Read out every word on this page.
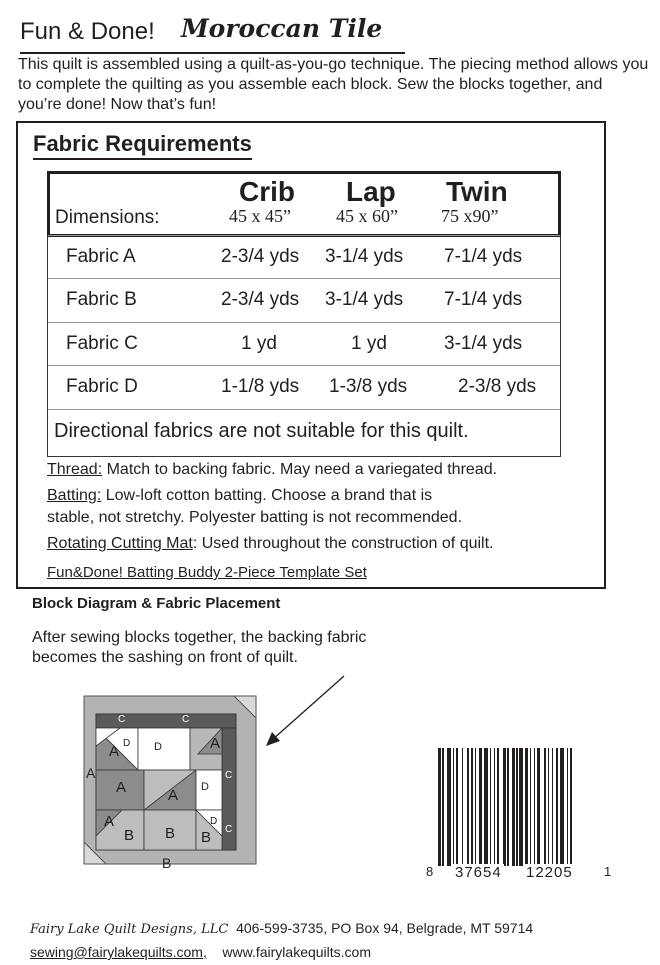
Fun & Done! Moroccan Tile
This quilt is assembled using a quilt-as-you-go technique. The piecing method allows you to complete the quilting as you assemble each block. Sew the blocks together, and you’re done! Now that’s fun!
Fabric Requirements
Crib Lap Twin
Dimensions:	45 x 45”	45 x 60” 75 x90”
Fabric A	2-3/4 yds 3-1/4 yds 7-1/4 yds
Fabric B	2-3/4 yds 3-1/4 yds 7-1/4 yds
Fabric C	1 yd	1 yd	3-1/4 yds
Fabric D	1-1/8 yds 1-3/8 yds	2-3/8 yds
Directional fabrics are not suitable for this quilt.
Thread: Match to backing fabric. May need a variegated thread.
Batting: Low-loft cotton batting. Choose a brand that is
stable, not stretchy. Polyester batting is not recommended.
Rotating Cutting Mat: Used throughout the construction of quilt.
Fun&Done! Batting Buddy 2-Piece Template Set
Block Diagram & Fabric Placement
After sewing blocks together, the backing fabric becomes the sashing on front of quilt.
C	C
C
C
A D D	A
A
A	A D
A
B B B
D
B
8 37654 12205 1
Fairy Lake Quilt Designs, LLC 406-599-3735, PO Box 94, Belgrade, MT 59714
sewing@fairylakequilts.com, www.fairylakequilts.com
